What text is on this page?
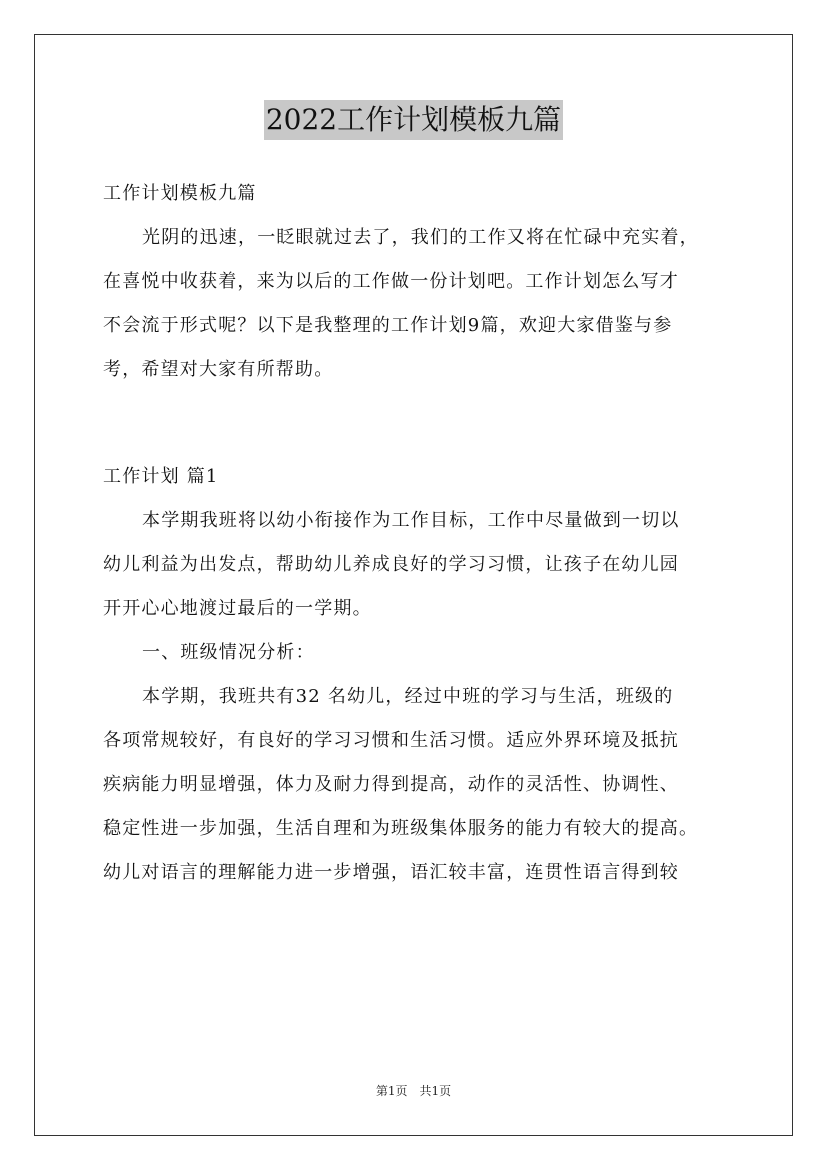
2022工作计划模板九篇
工作计划模板九篇
光阴的迅速，一眨眼就过去了，我们的工作又将在忙碌中充实着，
在喜悦中收获着，来为以后的工作做一份计划吧。工作计划怎么写才
不会流于形式呢？以下是我整理的工作计划9篇，欢迎大家借鉴与参
考，希望对大家有所帮助。
工作计划 篇1
本学期我班将以幼小衔接作为工作目标，工作中尽量做到一切以
幼儿利益为出发点，帮助幼儿养成良好的学习习惯，让孩子在幼儿园
开开心心地渡过最后的一学期。
一、班级情况分析：
本学期，我班共有32 名幼儿，经过中班的学习与生活，班级的
各项常规较好，有良好的学习习惯和生活习惯。适应外界环境及抵抗
疾病能力明显增强，体力及耐力得到提高，动作的灵活性、协调性、
稳定性进一步加强，生活自理和为班级集体服务的能力有较大的提高。
幼儿对语言的理解能力进一步增强，语汇较丰富，连贯性语言得到较
第1页　共1页
